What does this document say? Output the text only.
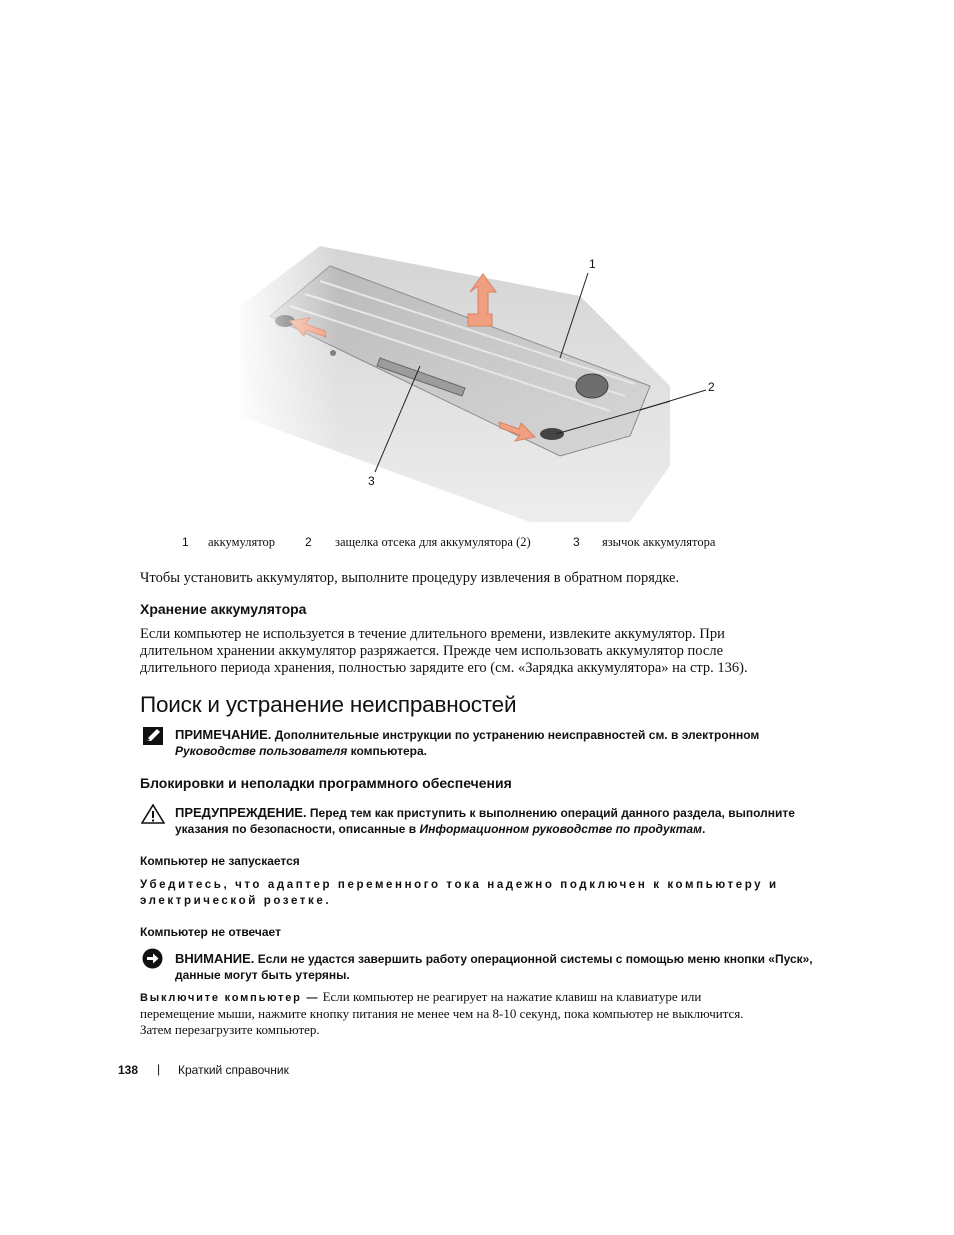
1
2
3
1 аккумулятор	2 защелка отсека для аккумулятора (2)	3 язычок аккумулятора
Чтобы установить аккумулятор, выполните процедуру извлечения в обратном порядке.
Хранение аккумулятора
Если компьютер не используется в течение длительного времени, извлеките аккумулятор. При
длительном хранении аккумулятор разряжается. Прежде чем использовать аккумулятор после
длительного периода хранения, полностью зарядите его (см. «Зарядка аккумулятора» на стр. 136).
Поиск и устранение неисправностей
ПРИМЕЧАНИЕ. Дополнительные инструкции по устранению неисправностей см. в электронном
Руководстве пользователя компьютера.
Блокировки и неполадки программного обеспечения
ПРЕДУПРЕЖДЕНИЕ. Перед тем как приступить к выполнению операций данного раздела, выполните
указания по безопасности, описанные в Информационном руководстве по продуктам.
Компьютер не запускается
Убедитесь, что адаптер переменного тока надежно подключен к компьютеру и
электрической розетке.
Компьютер не отвечает
ВНИМАНИЕ. Если не удастся завершить работу операционной системы с помощью меню кнопки «Пуск»,
данные могут быть утеряны.
Выключите компьютер — Если компьютер не реагирует на нажатие клавиш на клавиатуре или
перемещение мыши, нажмите кнопку питания не менее чем на 8-10 секунд, пока компьютер не выключится.
Затем перезагрузите компьютер.
138 | Краткий справочник
